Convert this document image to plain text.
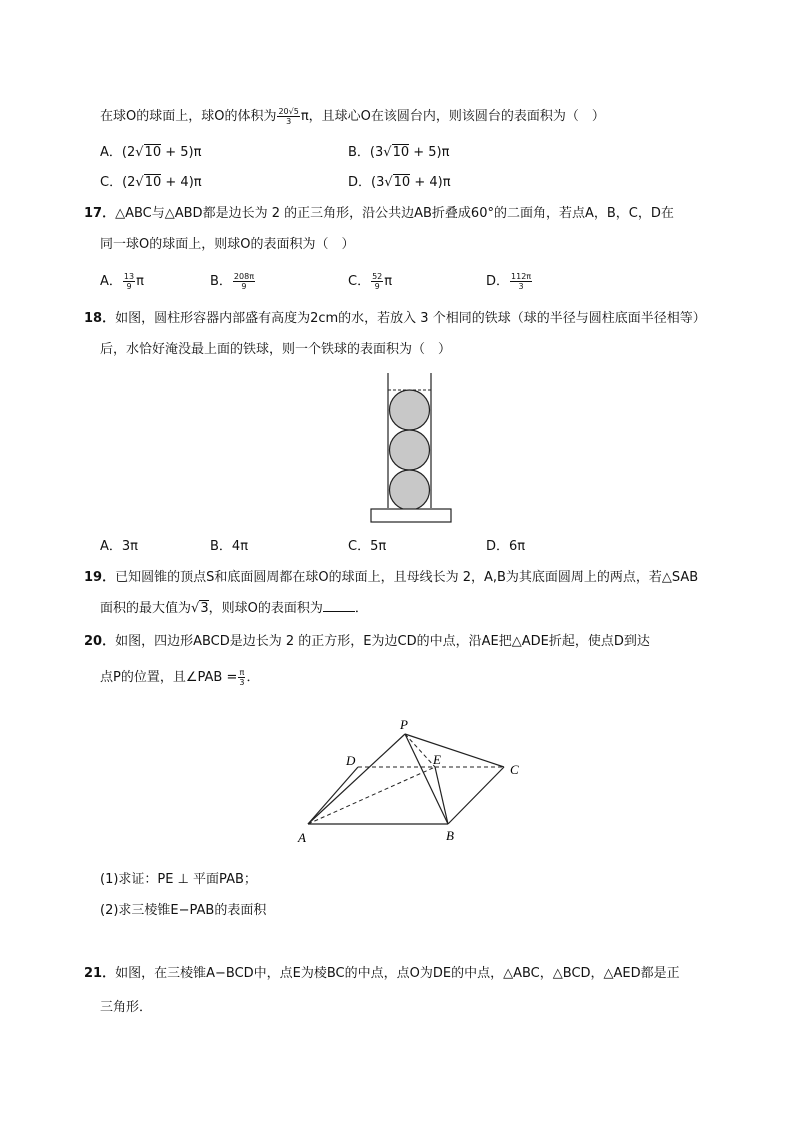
在球O的球面上，球O的体积为 $\frac{20√5}{3}$ π，且球心O在该圆台内，则该圆台的表面积为（　）
A．(2√10 + 5)π	B．(3√10 + 5)π
C．(2√10 + 4)π	D．(3√10 + 4)π
17．△ABC与△ABD都是边长为 2 的正三角形，沿公共边AB折叠成60°的二面角，若点A，B，C，D在
同一球O的球面上，则球O的表面积为（　）
A． $\frac{13}{9}$ π	B． $\frac{208\pi}{9}$	C． $\frac{52}{9}$ π	D． $\frac{112\pi}{3}$
18．如图，圆柱形容器内部盛有高度为2cm的水，若放入 3 个相同的铁球（球的半径与圆柱底面半径相等）
后，水恰好淹没最上面的铁球，则一个铁球的表面积为（　）
A．3π	B．4π	C．5π	D．6π
19．已知圆锥的顶点S和底面圆周都在球O的球面上，且母线长为 2，A,B为其底面圆周上的两点，若△SAB
面积的最大值为√3，则球O的表面积为 ．
20．如图，四边形ABCD是边长为 2 的正方形，E为边CD的中点，沿AE把△ADE折起，使点D到达
点P的位置，且∠PAB = $\frac{\pi}{3}$ ．
P
D	E
C
A	B
(1)求证：PE ⊥ 平面PAB；
(2)求三棱锥E−PAB的表面积
21．如图，在三棱锥A−BCD中，点E为棱BC的中点，点O为DE的中点，△ABC，△BCD，△AED都是正
三角形．
